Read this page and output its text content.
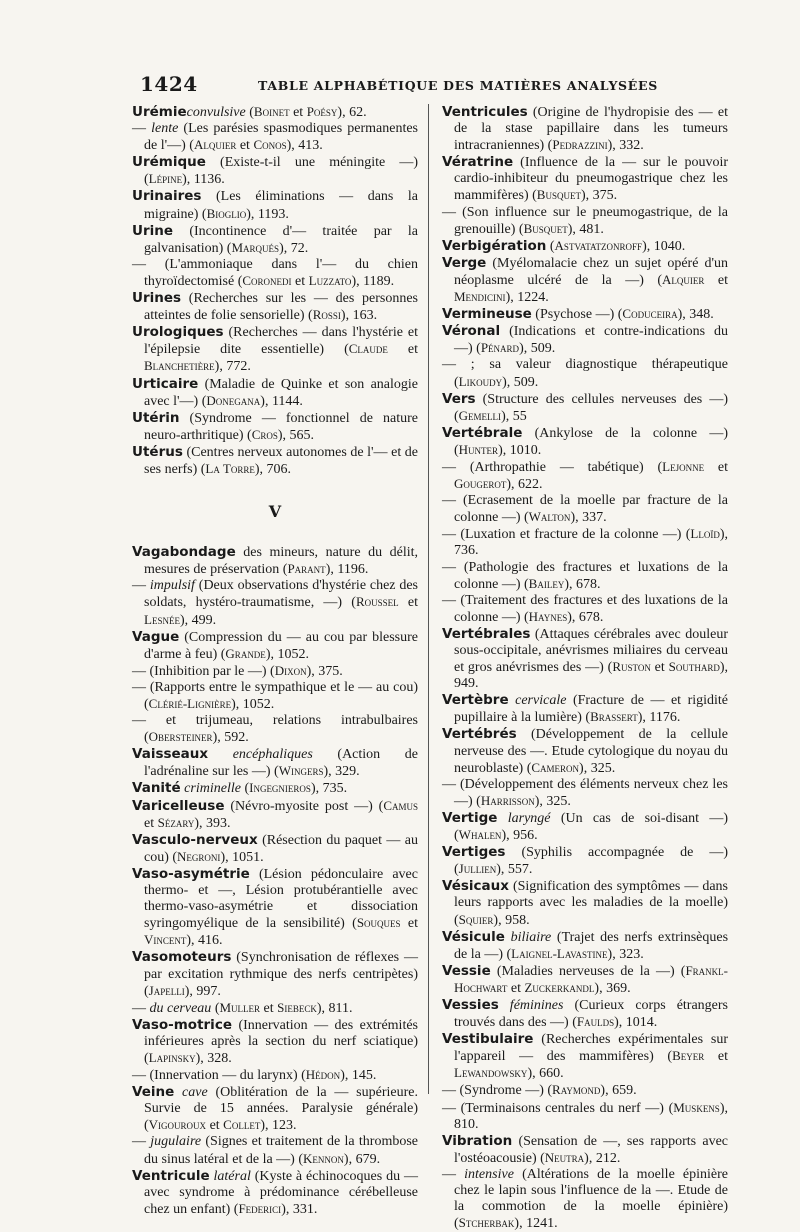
1424	TABLE ALPHABÉTIQUE DES MATIÈRES ANALYSÉES

Urémieconvulsive (Boinet et Poésy), 62.

— lente (Les parésies spasmodiques permanentes de l'—) (Alquier et Conos), 413.

Urémique (Existe-t-il une méningite —) (Lépine), 1136.

Urinaires (Les éliminations — dans la migraine) (Bioglio), 1193.

Urine (Incontinence d'— traitée par la galvanisation) (Marqués), 72.

— (L'ammoniaque dans l'— du chien thyroïdectomisé (Coronedi et Luzzato), 1189.

Urines (Recherches sur les — des personnes atteintes de folie sensorielle) (Rossi), 163.

Urologiques (Recherches — dans l'hystérie et l'épilepsie dite essentielle) (Claude et Blanchetière), 772.

Urticaire (Maladie de Quinke et son analogie avec l'—) (Donegana), 1144.

Utérin (Syndrome — fonctionnel de nature neuro-arthritique) (Cros), 565.

Utérus (Centres nerveux autonomes de l'— et de ses nerfs) (La Torre), 706.

V

Vagabondage des mineurs, nature du délit, mesures de préservation (Parant), 1196.

— impulsif (Deux observations d'hystérie chez des soldats, hystéro-traumatisme, —) (Roussel et Lesnée), 499.

Vague (Compression du — au cou par blessure d'arme à feu) (Grande), 1052.

— (Inhibition par le —) (Dixon), 375.

— (Rapports entre le sympathique et le — au cou) (Clérié-Lignière), 1052.

— et trijumeau, relations intrabulbaires (Obersteiner), 592.

Vaisseaux encéphaliques (Action de l'adrénaline sur les —) (Wingers), 329.

Vanité criminelle (Ingegnieros), 735.

Varicelleuse (Névro-myosite post —) (Camus et Sézary), 393.

Vasculo-nerveux (Résection du paquet — au cou) (Negroni), 1051.

Vaso-asymétrie (Lésion pédonculaire avec thermo- et —, Lésion protubérantielle avec thermo-vaso-asymétrie et dissociation syringomyélique de la sensibilité) (Souques et Vincent), 416.

Vasomoteurs (Synchronisation de réflexes — par excitation rythmique des nerfs centripètes) (Japelli), 997.

— du cerveau (Muller et Siebeck), 811.

Vaso-motrice (Innervation — des extrémités inférieures après la section du nerf sciatique) (Lapinsky), 328.

— (Innervation — du larynx) (Hédon), 145.

Veine cave (Oblitération de la — supérieure. Survie de 15 années. Paralysie générale) (Vigouroux et Collet), 123.

— jugulaire (Signes et traitement de la thrombose du sinus latéral et de la —) (Kennon), 679.

Ventricule latéral (Kyste à échinocoques du — avec syndrome à prédominance cérébelleuse chez un enfant) (Federici), 331.

Ventricules (Origine de l'hydropisie des — et de la stase papillaire dans les tumeurs intracraniennes) (Pedrazzini), 332.

Vératrine (Influence de la — sur le pouvoir cardio-inhibiteur du pneumogastrique chez les mammifères) (Busquet), 375.

— (Son influence sur le pneumogastrique, de la grenouille) (Busquet), 481.

Verbigération (Astvatatzonroff), 1040.

Verge (Myélomalacie chez un sujet opéré d'un néoplasme ulcéré de la —) (Alquier et Mendicini), 1224.

Vermineuse (Psychose —) (Coduceira), 348.

Véronal (Indications et contre-indications du —) (Pénard), 509.

— ; sa valeur diagnostique thérapeutique (Likoudy), 509.

Vers (Structure des cellules nerveuses des —) (Gemelli), 55

Vertébrale (Ankylose de la colonne —) (Hunter), 1010.

— (Arthropathie — tabétique) (Lejonne et Gougerot), 622.

— (Ecrasement de la moelle par fracture de la colonne —) (Walton), 337.

— (Luxation et fracture de la colonne —) (Lloïd), 736.

— (Pathologie des fractures et luxations de la colonne —) (Bailey), 678.

— (Traitement des fractures et des luxations de la colonne —) (Haynes), 678.

Vertébrales (Attaques cérébrales avec douleur sous-occipitale, anévrismes miliaires du cerveau et gros anévrismes des —) (Ruston et Southard), 949.

Vertèbre cervicale (Fracture de — et rigidité pupillaire à la lumière) (Brassert), 1176.

Vertébrés (Développement de la cellule nerveuse des —. Etude cytologique du noyau du neuroblaste) (Cameron), 325.

— (Développement des éléments nerveux chez les —) (Harrisson), 325.

Vertige laryngé (Un cas de soi-disant —) (Whalen), 956.

Vertiges (Syphilis accompagnée de —) (Jullien), 557.

Vésicaux (Signification des symptômes — dans leurs rapports avec les maladies de la moelle) (Squier), 958.

Vésicule biliaire (Trajet des nerfs extrinsèques de la —) (Laignel-Lavastine), 323.

Vessie (Maladies nerveuses de la —) (Frankl-Hochwart et Zuckerkandl), 369.

Vessies féminines (Curieux corps étrangers trouvés dans des —) (Faulds), 1014.

Vestibulaire (Recherches expérimentales sur l'appareil — des mammifères) (Beyer et Lewandowsky), 660.

— (Syndrome —) (Raymond), 659.

— (Terminaisons centrales du nerf —) (Muskens), 810.

Vibration (Sensation de —, ses rapports avec l'ostéoacousie) (Neutra), 212.

— intensive (Altérations de la moelle épinière chez le lapin sous l'influence de la —. Etude de la commotion de la moelle épinière) (Stcherbak), 1241.
